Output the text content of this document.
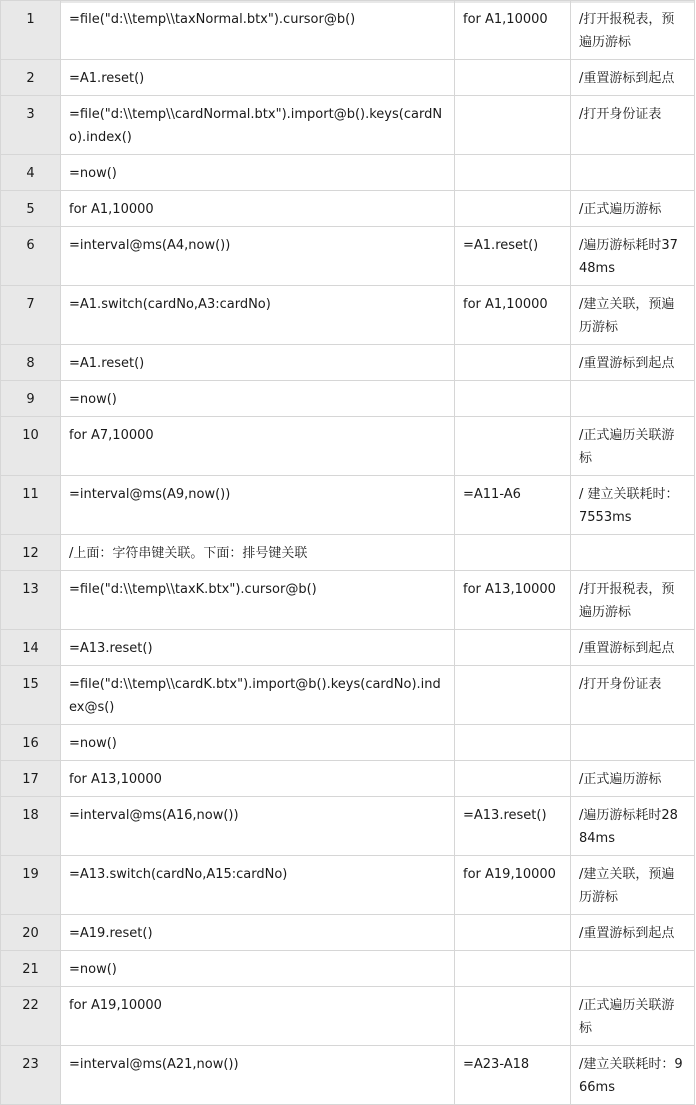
1	=file("d:\\temp\\taxNormal.btx").cursor@b()	for A1,10000	/打开报税表，预遍历游标
2	=A1.reset()		/重置游标到起点
3	=file("d:\\temp\\cardNormal.btx").import@b().keys(cardNo).index()		/打开身份证表
4	=now()		
5	for A1,10000		/正式遍历游标
6	=interval@ms(A4,now())	=A1.reset()	/遍历游标耗时3748ms
7	=A1.switch(cardNo,A3:cardNo)	for A1,10000	/建立关联，预遍历游标
8	=A1.reset()		/重置游标到起点
9	=now()		
10	for A7,10000		/正式遍历关联游标
11	=interval@ms(A9,now())	=A11-A6	/ 建立关联耗时：7553ms
12	/上面：字符串键关联。下面：排号键关联		
13	=file("d:\\temp\\taxK.btx").cursor@b()	for A13,10000	/打开报税表，预遍历游标
14	=A13.reset()		/重置游标到起点
15	=file("d:\\temp\\cardK.btx").import@b().keys(cardNo).index@s()		/打开身份证表
16	=now()		
17	for A13,10000		/正式遍历游标
18	=interval@ms(A16,now())	=A13.reset()	/遍历游标耗时2884ms
19	=A13.switch(cardNo,A15:cardNo)	for A19,10000	/建立关联，预遍历游标
20	=A19.reset()		/重置游标到起点
21	=now()		
22	for A19,10000		/正式遍历关联游标
23	=interval@ms(A21,now())	=A23-A18	/建立关联耗时：966ms
